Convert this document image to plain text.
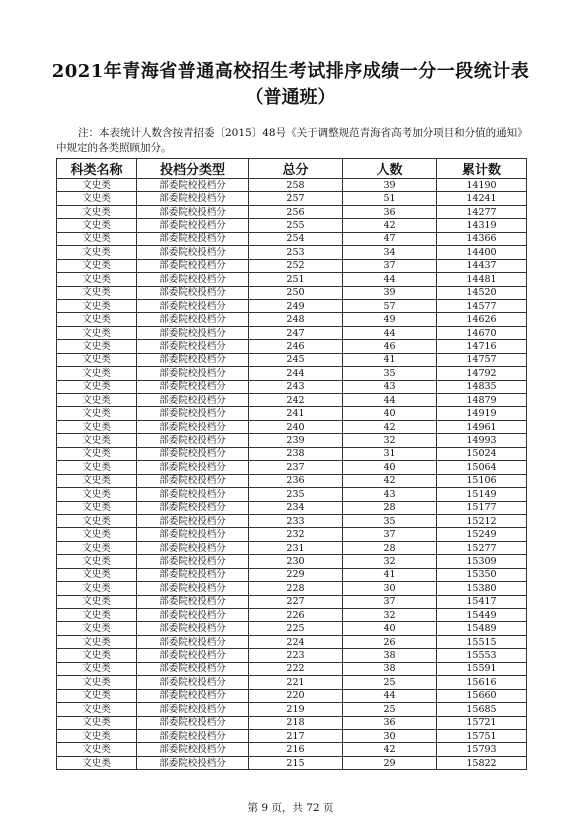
2021年青海省普通高校招生考试排序成绩一分一段统计表
（普通班）
注：本表统计人数含按青招委〔2015〕48号《关于调整规范青海省高考加分项目和分值的通知》中规定的各类照顾加分。
科类名称	投档分类型	总分	人数	累计数
文史类	部委院校投档分	258	39	14190
文史类	部委院校投档分	257	51	14241
文史类	部委院校投档分	256	36	14277
文史类	部委院校投档分	255	42	14319
文史类	部委院校投档分	254	47	14366
文史类	部委院校投档分	253	34	14400
文史类	部委院校投档分	252	37	14437
文史类	部委院校投档分	251	44	14481
文史类	部委院校投档分	250	39	14520
文史类	部委院校投档分	249	57	14577
文史类	部委院校投档分	248	49	14626
文史类	部委院校投档分	247	44	14670
文史类	部委院校投档分	246	46	14716
文史类	部委院校投档分	245	41	14757
文史类	部委院校投档分	244	35	14792
文史类	部委院校投档分	243	43	14835
文史类	部委院校投档分	242	44	14879
文史类	部委院校投档分	241	40	14919
文史类	部委院校投档分	240	42	14961
文史类	部委院校投档分	239	32	14993
文史类	部委院校投档分	238	31	15024
文史类	部委院校投档分	237	40	15064
文史类	部委院校投档分	236	42	15106
文史类	部委院校投档分	235	43	15149
文史类	部委院校投档分	234	28	15177
文史类	部委院校投档分	233	35	15212
文史类	部委院校投档分	232	37	15249
文史类	部委院校投档分	231	28	15277
文史类	部委院校投档分	230	32	15309
文史类	部委院校投档分	229	41	15350
文史类	部委院校投档分	228	30	15380
文史类	部委院校投档分	227	37	15417
文史类	部委院校投档分	226	32	15449
文史类	部委院校投档分	225	40	15489
文史类	部委院校投档分	224	26	15515
文史类	部委院校投档分	223	38	15553
文史类	部委院校投档分	222	38	15591
文史类	部委院校投档分	221	25	15616
文史类	部委院校投档分	220	44	15660
文史类	部委院校投档分	219	25	15685
文史类	部委院校投档分	218	36	15721
文史类	部委院校投档分	217	30	15751
文史类	部委院校投档分	216	42	15793
文史类	部委院校投档分	215	29	15822
第 9 页，共 72 页
